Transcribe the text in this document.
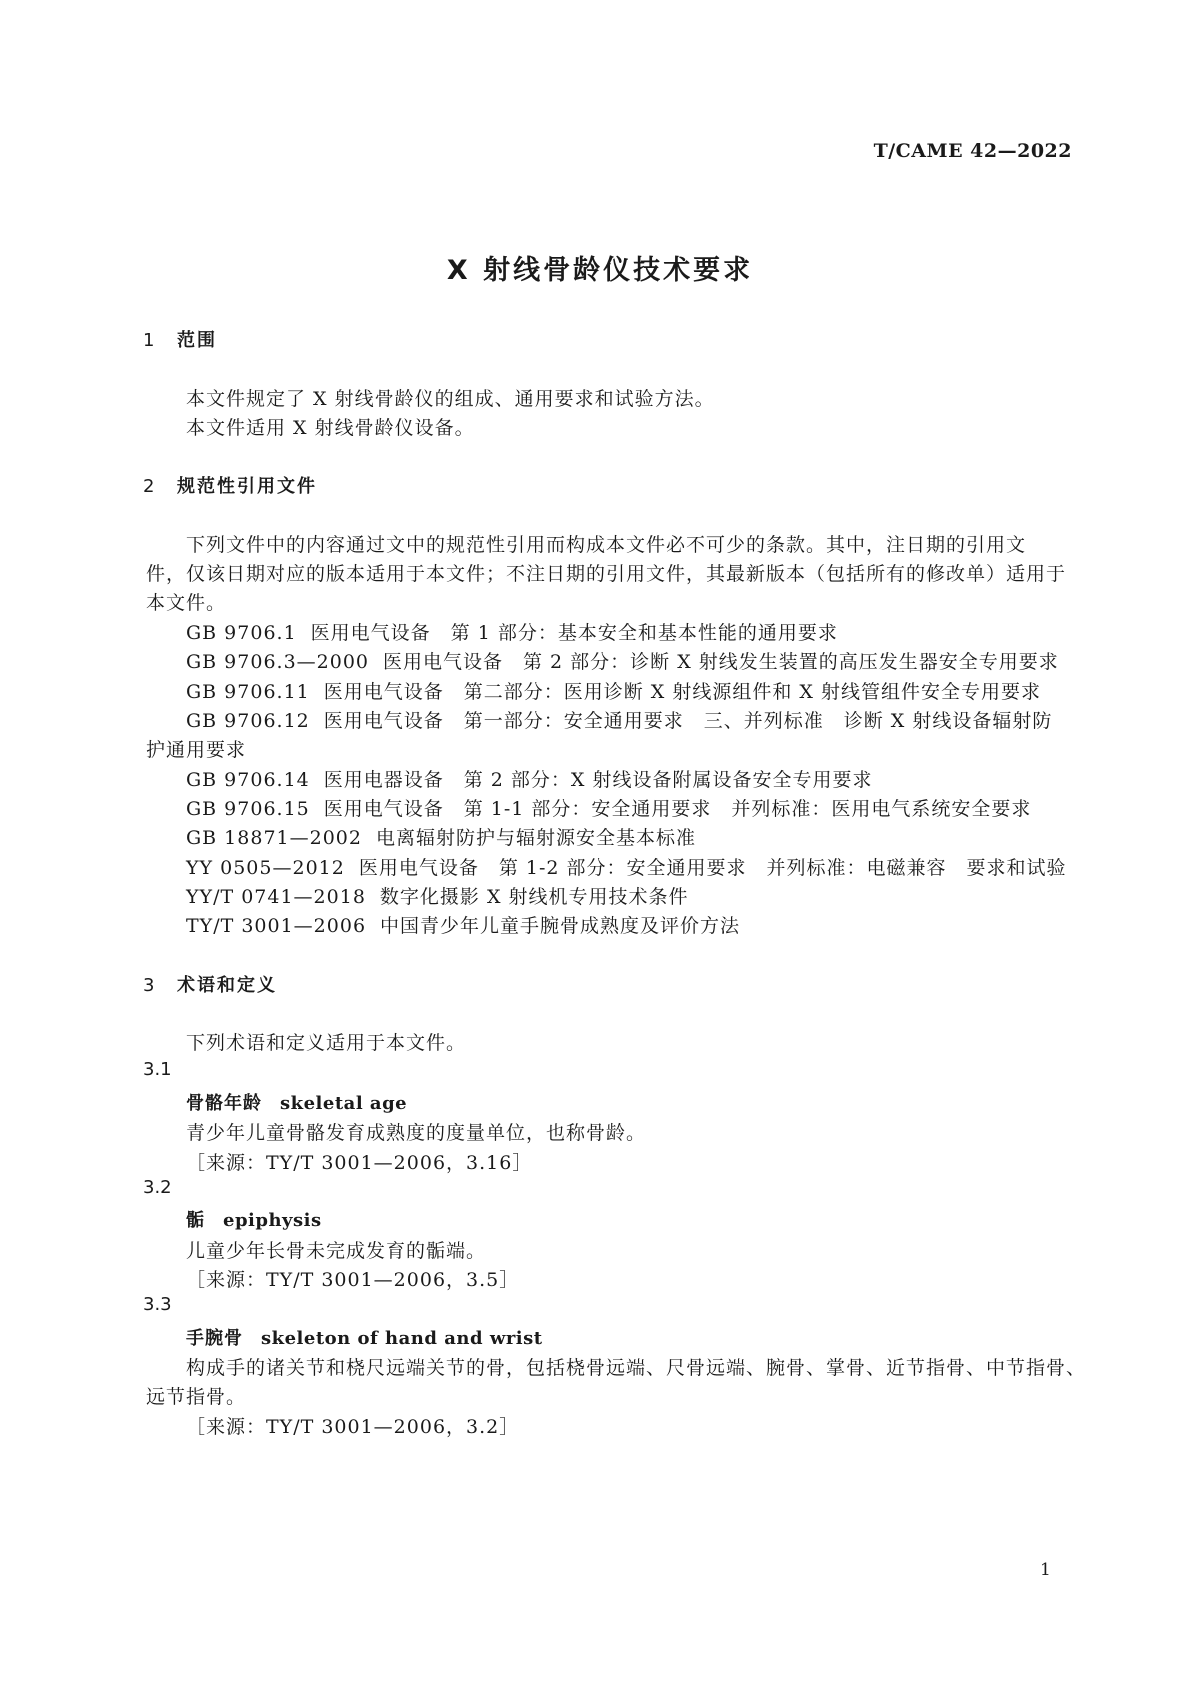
T/CAME 42—2022
X 射线骨龄仪技术要求
1 范围
本文件规定了 X 射线骨龄仪的组成、通用要求和试验方法。
本文件适用 X 射线骨龄仪设备。
2 规范性引用文件
下列文件中的内容通过文中的规范性引用而构成本文件必不可少的条款。其中，注日期的引用文
件，仅该日期对应的版本适用于本文件；不注日期的引用文件，其最新版本（包括所有的修改单）适用于
本文件。
GB 9706.1 医用电气设备　第 1 部分：基本安全和基本性能的通用要求
GB 9706.3—2000 医用电气设备　第 2 部分：诊断 X 射线发生装置的高压发生器安全专用要求
GB 9706.11 医用电气设备　第二部分：医用诊断 X 射线源组件和 X 射线管组件安全专用要求
GB 9706.12 医用电气设备　第一部分：安全通用要求　三、并列标准　诊断 X 射线设备辐射防
护通用要求
GB 9706.14 医用电器设备　第 2 部分：X 射线设备附属设备安全专用要求
GB 9706.15 医用电气设备　第 1-1 部分：安全通用要求　并列标准：医用电气系统安全要求
GB 18871—2002 电离辐射防护与辐射源安全基本标准
YY 0505—2012 医用电气设备　第 1-2 部分：安全通用要求　并列标准：电磁兼容　要求和试验
YY/T 0741—2018 数字化摄影 X 射线机专用技术条件
TY/T 3001—2006 中国青少年儿童手腕骨成熟度及评价方法
3 术语和定义
下列术语和定义适用于本文件。
3.1
骨骼年龄 skeletal age
青少年儿童骨骼发育成熟度的度量单位，也称骨龄。
［来源：TY/T 3001—2006，3.16］
3.2
骺 epiphysis
儿童少年长骨未完成发育的骺端。
［来源：TY/T 3001—2006，3.5］
3.3
手腕骨 skeleton of hand and wrist
构成手的诸关节和桡尺远端关节的骨，包括桡骨远端、尺骨远端、腕骨、掌骨、近节指骨、中节指骨、
远节指骨。
［来源：TY/T 3001—2006，3.2］
1
